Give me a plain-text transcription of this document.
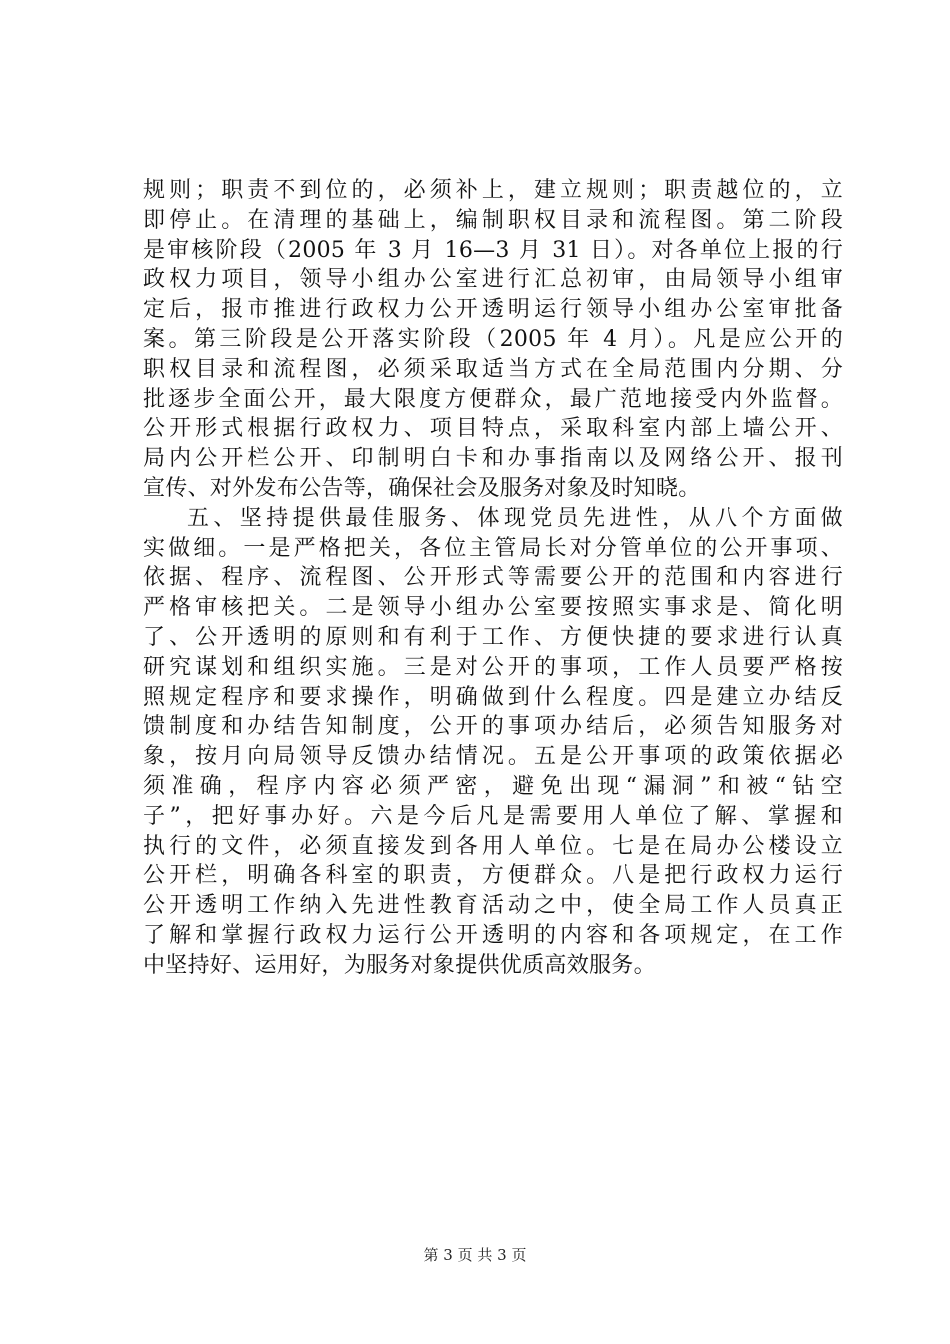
规则；职责不到位的，必须补上，建立规则；职责越位的，立
即停止。在清理的基础上，编制职权目录和流程图。第二阶段
是审核阶段（2005 年 3 月 16—3 月 31 日）。对各单位上报的行
政权力项目，领导小组办公室进行汇总初审，由局领导小组审
定后，报市推进行政权力公开透明运行领导小组办公室审批备
案。第三阶段是公开落实阶段（2005 年 4 月）。凡是应公开的
职权目录和流程图，必须采取适当方式在全局范围内分期、分
批逐步全面公开，最大限度方便群众，最广范地接受内外监督。
公开形式根据行政权力、项目特点，采取科室内部上墙公开、
局内公开栏公开、印制明白卡和办事指南以及网络公开、报刊
宣传、对外发布公告等，确保社会及服务对象及时知晓。
五、坚持提供最佳服务、体现党员先进性，从八个方面做
实做细。一是严格把关，各位主管局长对分管单位的公开事项、
依据、程序、流程图、公开形式等需要公开的范围和内容进行
严格审核把关。二是领导小组办公室要按照实事求是、简化明
了、公开透明的原则和有利于工作、方便快捷的要求进行认真
研究谋划和组织实施。三是对公开的事项，工作人员要严格按
照规定程序和要求操作，明确做到什么程度。四是建立办结反
馈制度和办结告知制度，公开的事项办结后，必须告知服务对
象，按月向局领导反馈办结情况。五是公开事项的政策依据必
须准确，程序内容必须严密，避免出现“漏洞”和被“钻空
子”，把好事办好。六是今后凡是需要用人单位了解、掌握和
执行的文件，必须直接发到各用人单位。七是在局办公楼设立
公开栏，明确各科室的职责，方便群众。八是把行政权力运行
公开透明工作纳入先进性教育活动之中，使全局工作人员真正
了解和掌握行政权力运行公开透明的内容和各项规定，在工作
中坚持好、运用好，为服务对象提供优质高效服务。
第 3 页 共 3 页
